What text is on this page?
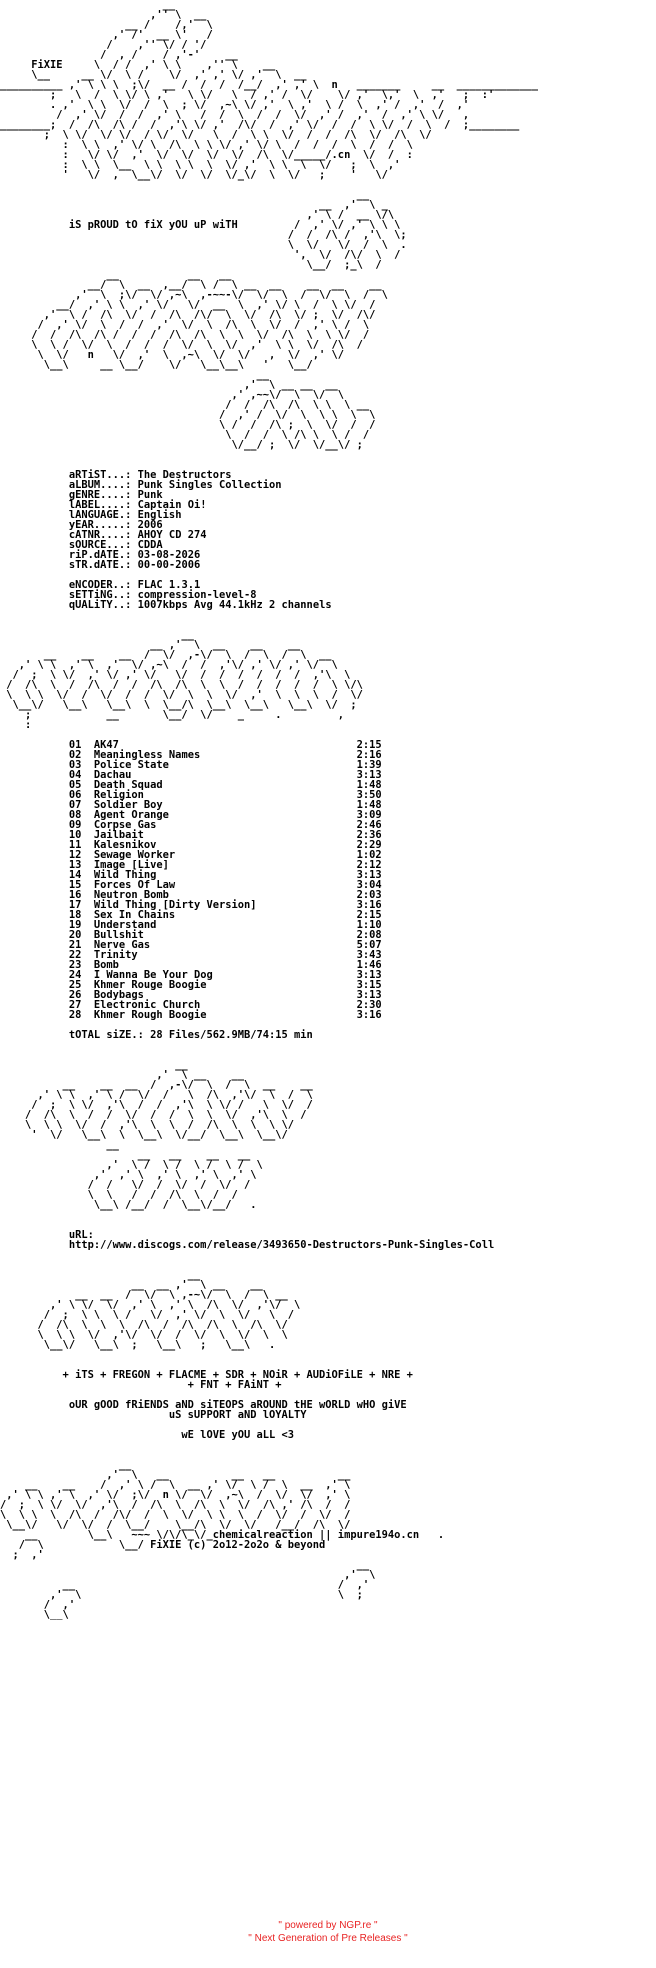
__
,'' \  __
__ /    /,'  \
,' /'  __ \'   /
/    ,'' \/ / '/
/  , /    / ,'-'    __
FiXIE     \  / /  ,' \ \    ,'' \    __
\__     __ \/  \ /    \/  ,' ,' \/ ,'  \  __
__________ ,' \ \ \  ;\/  __ /  /  /  /__/  ,' ,' \  n   _______     __  _____________
;   \  /  \ \/ \ ,'   \ \/   \  / ,' /  \/    \/ ,'  \,'  \  ,'   ;  :'
. ,'  \ \  \/  /  \  ; \/  ,~\ \/ ,'  \ ,'  \ /  \  ,' /  ,'  /  ,'
/  ,' \/  /  /  ,' \   /  /  \  /  /  \/  ,' /  ,'  /  ,' \ \/   ,
________;  /  /\  /\ /  /  ,'\ \/ ,'  /\/  /  ,' \/  /  /  \ \/  /  \  /  ;________
;  \ \/  \/ \/  / \/  \/   \  /  \ \  \/  /  /  /\  \/  /\  \/
:  \ \  ,' \/ \  /\  \ \ \/ ,' \/ \  /  /  /  \  /  /  \
:   \/ \/  ,'  \/  \/  \/  \/  /\  \/_____/.cn  \/  /  :
:  \ \  \__  \ \  \ \  \  \/ ,'  \ \  \  \/   ;  \  ,'
'   \/  ,  \__\/  \/  \/  \/_\/  \  \/   ;    '   \/
__
__  ,'  \ _
,' \ /  __ \/\
iS pROUD tO fiX yOU uP wiTH         /  ,' \/ ,' \ \ \
/  /  /\ /  ,'\  \;
\  \/   \/  /  \  .
',  \/  /\/  \  /
\__/  ;_\  /
__           __   __
__/  \  __  ,__/  \ /  \ __  __    __  __    __
,'  \  ;\/  \/ ,~\  ,-~~-\/  \/  \  /  \/  \  /  \
__/  ,' \ \  ,' \/   \/  __  \  ,' \/ \  /  \ \/  /
,'  \ /  /\  \/  /  /\  /\/  \  \/  /\  \/ ;  \/  /\/
/  ,' \/  \  /  /  ,'  \/  \  /\  \  \/  /  ,' \ /  \
/  /  /\  /\ /  /  /  /\  /\  \  \  \/  /\  \  \ \/  /
\  \ /  \/  \  /  /  /  \/  \  \/  ,'  \ \  \/  /\  /
\  \/   n   \/  ,'  \  ,~\  \/  \/   ,  \/  ,' \/
\__\     __ \__/    \/   \__\__\   '   \__/
__
,'  \ __ __  __
,' ,~~\/  \  \/  \
/  /  /\  /\  \ \  \ __
/  ,' /  \/  \  \ \  \  \
\ /  /  /\ ;  \  \/  /  /
\  /  /  \ /\ \  \ /  /
\/__/ ;  \/  \/__\/ ;
aRTiST...: The Destructors
aLBUM....: Punk Singles Collection
gENRE....: Punk
lABEL....: Captain Oi!
lANGUAGE.: English
yEAR.....: 2006
cATNR....: AHOY CD 274
sOURCE...: CDDA
riP.dATE.: 03-08-2026
sTR.dATE.: 00-00-2006
eNCODER..: FLAC 1.3.1
sETTiNG..: compression-level-8
qUALiTY..: 1007kbps Avg 44.1kHz 2 channels
__
__ ,'  \  __    __    __
__    __    __  /  \/  ,-\/  \  /  \  /  \  __
,' \ \  ,' \  ,'  \/ ,~\  /  /  ,'\/ ,' \/ ,' \/  \
/  ;  \ \/  ,' \/ ,' \/   \/  /  /  /  /  /  /  ,'\  \
/  /\  \  /  /\  /  /  /\  /\  \  \  /  /  /  /  /  \ \/\
\  \ \  \/  /  \/  /  /  \/  \  \  \/  ,'  \  \  \  /  \/
\__\/   \__\   \__\  \  \__/\  \__\  \__\   \__\  \/  ;
;            __       \__/  \/    _     .         ,
:
01 AK47	2:15
02 Meaningless Names	2:16
03 Police State	1:39
04 Dachau	3:13
05 Death Squad	1:48
06 Religion	3:50
07 Soldier Boy	1:48
08 Agent Orange	3:09
09 Corpse Gas	2:46
10 Jailbait	2:36
11 Kalesnikov	2:29
12 Sewage Worker	1:02
13 Image [Live]	2:12
14 Wild Thing	3:13
15 Forces Of Law	3:04
16 Neutron Bomb	2:03
17 Wild Thing [Dirty Version]	3:16
18 Sex In Chains	2:15
19 Understand	1:10
20 Bullshit	2:08
21 Nerve Gas	5:07
22 Trinity	3:43
23 Bomb	1:46
24 I Wanna Be Your Dog	3:13
25 Khmer Rouge Boogie	3:15
26 Bodybags	3:13
27 Electronic Church	2:30
28 Khmer Rough Boogie	3:16
tOTAL siZE.: 28 Files/562.9MB/74:15 min
__
,'  \ __    __
__    __  __  /  ,-\/  \  /  \  __    __
,' \ \  ,' \ /  \/  /   \  /\  ,'\/  \  /  \
/  ;  \ \/  ,'\  /  /  ,'\  \ \/ /   \  \/  /
/  /\  \  /  /  \/  /  /  \  \  \/  ,'\  \  /
\  \ \  \/  /  ,'\  \  \  /  /\  \  \  \ \/
'  \/   \__\  \  \__\  \/__/  \__\  \__\/
__
__   __    __   __
,'  \ /  \ /  \ /  \ /  \
,'  ,' \  ,' \  ,' \  ,' \
/  /   \/  /  \/  /  \/  /
\  \   /  /  /\  \  /  /
\__\ /__/  /  \__\/__/   .
uRL:
http://www.discogs.com/release/3493650-Destructors-Punk-Singles-Coll
__
__  __ ,'  \ __    __
__  __  /  \/  \ ,-~\/  \  /  \ __
,' \ \/  \/  ,' \  ,' \  /\  \/  ,'\/  \
/  ;  \ \  \ /   \/  ,' \/  \  \/   \  /
/  /\  \  \  \  /\  /  /\  /\  \  /\  \/
\  \ \  \/  ,'\/  \/  /  \/  \  \/  \  \
\__\/   \__\  ;   \__\   ;   \__\   .
+ iTS + FREGON + FLACME + SDR + NOiR + AUDiOFiLE + NRE +
+ FNT + FAiNT +
oUR gOOD fRiENDS aND siTEOPS aROUND tHE wORLD wHO giVE
uS sUPPORT aND lOYALTY
wE lOVE yOU aLL <3
__
,'  \   __          __   __          __
__    __    /  ,' \ /  \  __ ,' \/  \ /  \  __  ,' \
,' \ \ ,' \  ,' \/  ;\/  n \/  \/  ,~\  /  \/  \/  ,' \
/  ;  \ \/  \/  ,'\  /  /\  \  /\  \  \/  /\ ,' /\  /  /
\  \ \  \  /\  /  /\/  /  \  \/  \ \  \  /  \/  /  \/  /
\__\/   \/  \/  /  \__/    \__/\  \/  \/   /__/  /\  \/
__        \__\   ~~~ \/\/\_\/_chemicalreaction || impure194o.cn   .
/  \            \__/ FiXIE (c) 2o12-2o2o & beyond
;  ,'
__
,'  \
__                                          /  ,'
,'  \                                         \  ;
/  ,'
\__\
" powered by NGP.re "
" Next Generation of Pre Releases "
